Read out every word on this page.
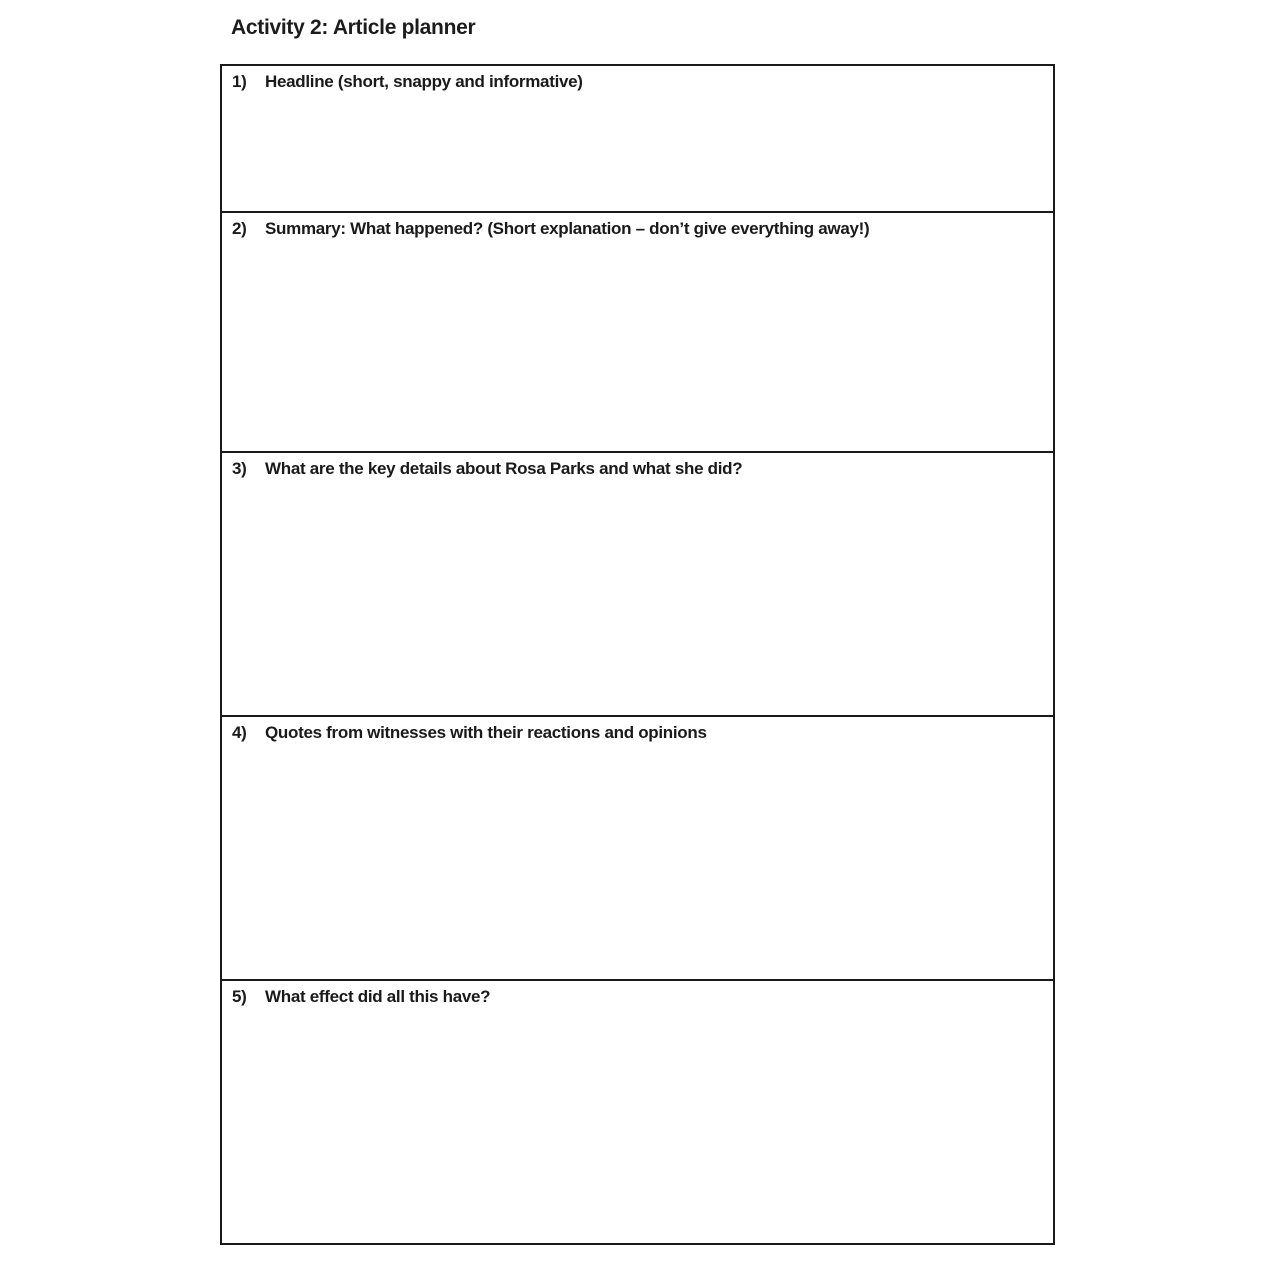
Activity 2: Article planner
1)	Headline (short, snappy and informative)
2)	Summary: What happened? (Short explanation – don’t give everything away!)
3)	What are the key details about Rosa Parks and what she did?
4)	Quotes from witnesses with their reactions and opinions
5)	What effect did all this have?
